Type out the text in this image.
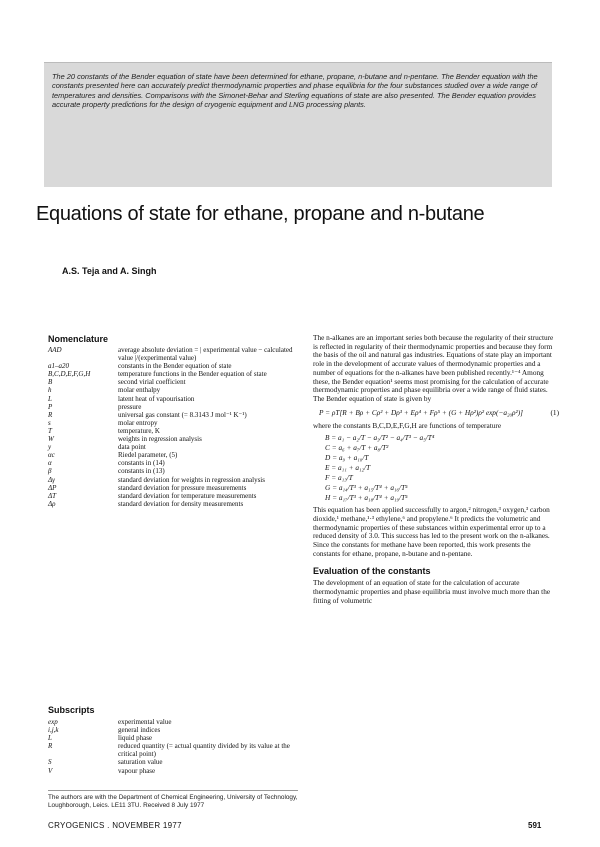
The 20 constants of the Bender equation of state have been determined for ethane, propane, n-butane and n-pentane. The Bender equation with the constants presented here can accurately predict thermodynamic properties and phase equilibria for the four substances studied over a wide range of temperatures and densities. Comparisons with the Simonet-Behar and Sterling equations of state are also presented. The Bender equation provides accurate property predictions for the design of cryogenic equipment and LNG processing plants.
Equations of state for ethane, propane and n-butane
A.S. Teja and A. Singh
Nomenclature
AAD	average absolute deviation = | experimental value − calculated value |/(experimental value)
a1–a20	constants in the Bender equation of state
B,C,D,E,F,G,H	temperature functions in the Bender equation of state
B	second virial coefficient
h	molar enthalpy
L	latent heat of vapourisation
P	pressure
R	universal gas constant (= 8.3143 J mol⁻¹ K⁻¹)
s	molar entropy
T	temperature, K
W	weights in regression analysis
y	data point
αc	Riedel parameter, (5)
α	constants in (14)
β	constants in (13)
Δγ	standard deviation for weights in regression analysis
ΔP	standard deviation for pressure measurements
ΔT	standard deviation for temperature measurements
Δρ	standard deviation for density measurements
Subscripts
exp	experimental value
i,j,k	general indices
L	liquid phase
R	reduced quantity (= actual quantity divided by its value at the critical point)
S	saturation value
V	vapour phase
The authors are with the Department of Chemical Engineering, University of Technology, Loughborough, Leics. LE11 3TU. Received 8 July 1977
The n-alkanes are an important series both because the regularity of their structure is reflected in regularity of their thermodynamic properties and because they form the basis of the oil and natural gas industries. Equations of state play an important role in the development of accurate values of thermodynamic properties and a number of equations for the n-alkanes have been published recently.¹⁻⁴ Among these, the Bender equation¹ seems most promising for the calculation of accurate thermodynamic properties and phase equilibria over a wide range of fluid states. The Bender equation of state is given by
(1)
P = ρT[R + Bρ + Cρ² + Dρ³ + Eρ⁴ + Fρ⁵ + (G + Hρ²)ρ² exp(−a₂₀ρ²)]
where the constants B,C,D,E,F,G,H are functions of temperature
B = a₁ − a₂/T − a₃/T² − a₄/T³ − a₅/T⁴
C = a₆ + a₇/T + a₈/T²
D = a₉ + a₁₀/T
E = a₁₁ + a₁₂/T
F = a₁₃/T
G = a₁₄/T³ + a₁₅/T⁴ + a₁₆/T⁵
H = a₁₇/T³ + a₁₈/T⁴ + a₁₉/T⁵
This equation has been applied successfully to argon,² nitrogen,³ oxygen,³ carbon dioxide,¹ methane,¹·³ ethylene,⁶ and propylene.⁶ It predicts the volumetric and thermodynamic properties of these substances within experimental error up to a reduced density of 3.0. This success has led to the present work on the n-alkanes. Since the constants for methane have been reported, this work presents the constants for ethane, propane, n-butane and n-pentane.
Evaluation of the constants
The development of an equation of state for the calculation of accurate thermodynamic properties and phase equilibria must involve much more than the fitting of volumetric
CRYOGENICS . NOVEMBER 1977	591
